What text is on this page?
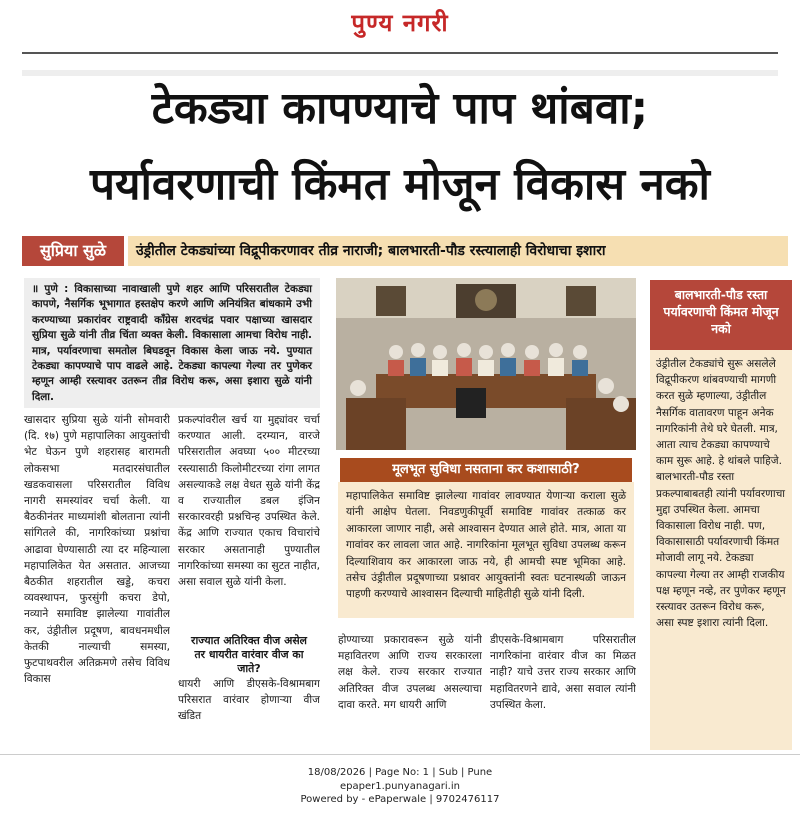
पुण्य नगरी
टेकड्या कापण्याचे पाप थांबवा;
पर्यावरणाची किंमत मोजून विकास नको
सुप्रिया सुळे	उंड्रीतील टेकड्यांच्या विद्रूपीकरणावर तीव्र नाराजी; बालभारती-पौड रस्त्यालाही विरोधाचा इशारा
॥ पुणे : विकासाच्या नावाखाली पुणे शहर आणि परिसरातील टेकड्या कापणे, नैसर्गिक भूभागात हस्तक्षेप करणे आणि अनियंत्रित बांधकामे उभी करण्याच्या प्रकारांवर राष्ट्रवादी काँग्रेस शरदचंद्र पवार पक्षाच्या खासदार सुप्रिया सुळे यांनी तीव्र चिंता व्यक्त केली. विकासाला आमचा विरोध नाही. मात्र, पर्यावरणाचा समतोल बिघडवून विकास केला जाऊ नये. पुण्यात टेकड्या कापण्याचे पाप वाढले आहे. टेकड्या कापल्या गेल्या तर पुणेकर म्हणून आम्ही रस्त्यावर उतरून तीव्र विरोध करू, असा इशारा सुळे यांनी दिला.
खासदार सुप्रिया सुळे यांनी सोमवारी (दि. १७) पुणे महापालिका आयुक्तांची भेट घेऊन पुणे शहरासह बारामती लोकसभा मतदारसंघातील खडकवासला परिसरातील विविध नागरी समस्यांवर चर्चा केली. या बैठकीनंतर माध्यमांशी बोलताना त्यांनी सांगितले की, नागरिकांच्या प्रश्नांचा आढावा घेण्यासाठी त्या दर महिन्याला महापालिकेत येत असतात. आजच्या बैठकीत शहरातील खड्डे, कचरा व्यवस्थापन, फुरसुंगी कचरा डेपो, नव्याने समाविष्ट झालेल्या गावांतील कर, उंड्रीतील प्रदूषण, बावधनमधील केतकी नाल्याची समस्या, फुटपाथवरील अतिक्रमणे तसेच विविध विकास
प्रकल्पांवरील खर्च या मुद्द्यांवर चर्चा करण्यात आली. दरम्यान, वारजे परिसरातील अवघ्या ५०० मीटरच्या रस्त्यासाठी किलोमीटरच्या रांगा लागत असल्याकडे लक्ष वेधत सुळे यांनी केंद्र व राज्यातील डबल इंजिन सरकारवरही प्रश्नचिन्ह उपस्थित केले. केंद्र आणि राज्यात एकाच विचारांचे सरकार असतानाही पुण्यातील नागरिकांच्या समस्या का सुटत नाहीत, असा सवाल सुळे यांनी केला.
राज्यात अतिरिक्त वीज असेल तर धायरीत वारंवार वीज का जाते?
धायरी आणि डीएसके-विश्रामबाग परिसरात वारंवार होणाऱ्या वीज खंडित
मूलभूत सुविधा नसताना कर कशासाठी?
महापालिकेत समाविष्ट झालेल्या गावांवर लावण्यात येणाऱ्या कराला सुळे यांनी आक्षेप घेतला. निवडणुकीपूर्वी समाविष्ट गावांवर तत्काळ कर आकारला जाणार नाही, असे आश्वासन देण्यात आले होते. मात्र, आता या गावांवर कर लावला जात आहे. नागरिकांना मूलभूत सुविधा उपलब्ध करून दिल्याशिवाय कर आकारला जाऊ नये, ही आमची स्पष्ट भूमिका आहे. तसेच उंड्रीतील प्रदूषणाच्या प्रश्नावर आयुक्तांनी स्वतः घटनास्थळी जाऊन पाहणी करण्याचे आश्वासन दिल्याची माहितीही सुळे यांनी दिली.
होण्याच्या प्रकारावरून सुळे यांनी महावितरण आणि राज्य सरकारला लक्ष केले. राज्य सरकार राज्यात अतिरिक्त वीज उपलब्ध असल्याचा दावा करते. मग धायरी आणि
डीएसके-विश्रामबाग परिसरातील नागरिकांना वारंवार वीज का मिळत नाही? याचे उत्तर राज्य सरकार आणि महावितरणने द्यावे, असा सवाल त्यांनी उपस्थित केला.
बालभारती-पौड रस्ता पर्यावरणाची किंमत मोजून नको
उंड्रीतील टेकड्यांचे सुरू असलेले विद्रूपीकरण थांबवण्याची मागणी करत सुळे म्हणाल्या, उंड्रीतील नैसर्गिक वातावरण पाहून अनेक नागरिकांनी तेथे घरे घेतली. मात्र, आता त्याच टेकड्या कापण्याचे काम सुरू आहे. हे थांबले पाहिजे. बालभारती-पौड रस्ता प्रकल्पाबाबतही त्यांनी पर्यावरणाचा मुद्दा उपस्थित केला. आमचा विकासाला विरोध नाही. पण, विकासासाठी पर्यावरणाची किंमत मोजावी लागू नये. टेकड्या कापल्या गेल्या तर आम्ही राजकीय पक्ष म्हणून नव्हे, तर पुणेकर म्हणून रस्त्यावर उतरून विरोध करू, असा स्पष्ट इशारा त्यांनी दिला.
18/08/2026 | Page No: 1 | Sub | Pune
epaper1.punyanagari.in
Powered by - ePaperwale | 9702476117
